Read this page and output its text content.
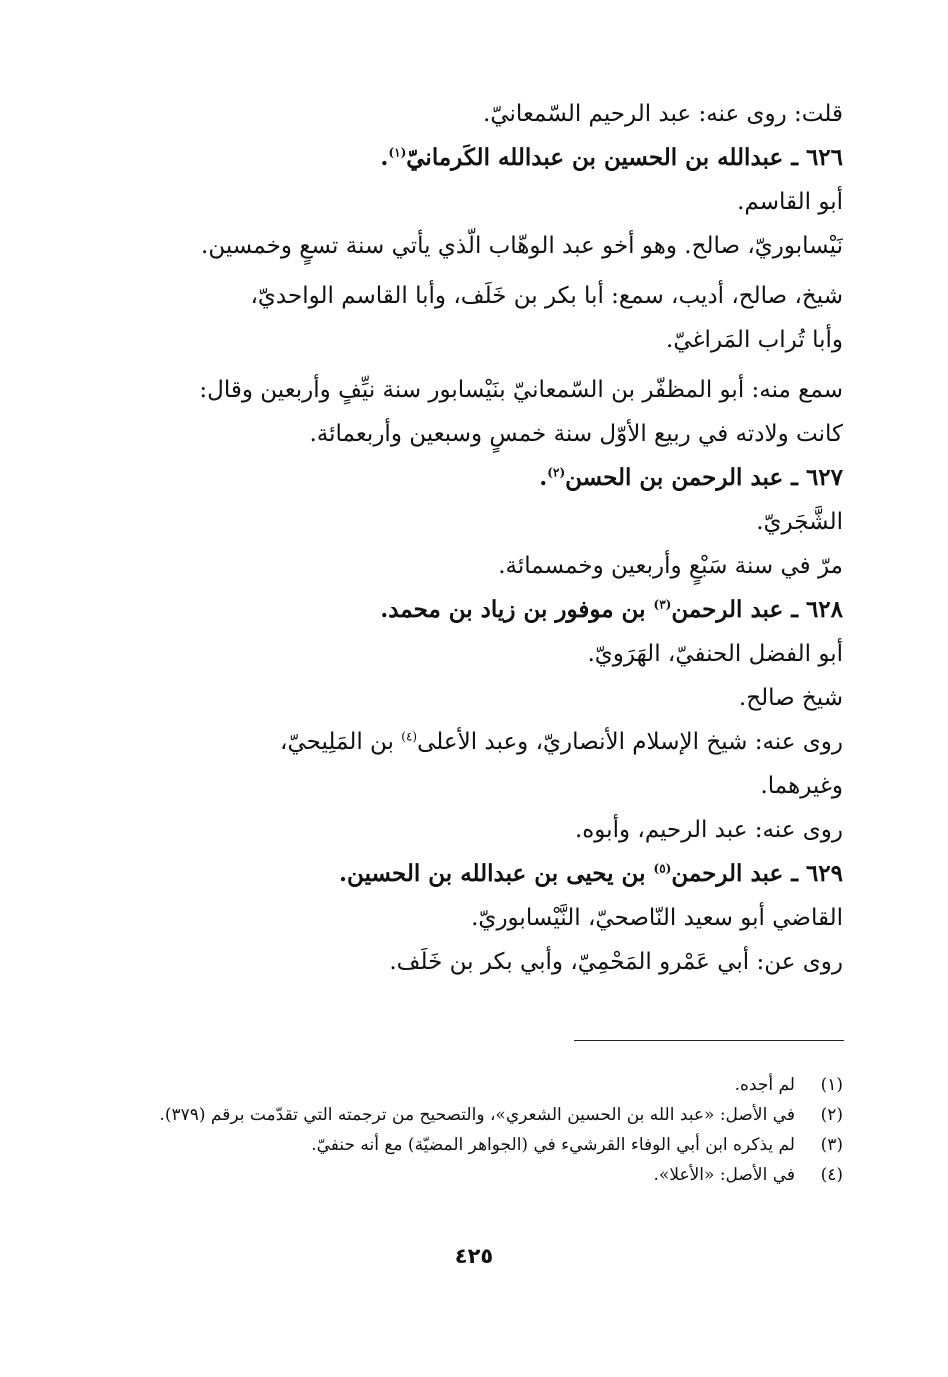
قلت: روى عنه: عبد الرحيم السّمعانيّ.
٦٢٦ ـ عبدالله بن الحسين بن عبدالله الكَرمانيّ$^{(١)}$.
أبو القاسم.
نَيْسابوريّ، صالح. وهو أخو عبد الوهّاب الّذي يأتي سنة تسعٍ وخمسين.
شيخ، صالح، أديب، سمع: أبا بكر بن خَلَف، وأبا القاسم الواحديّ،
وأبا تُراب المَراغيّ.
سمع منه: أبو المظفّر بن السّمعانيّ بنَيْسابور سنة نيِّفٍ وأربعين وقال:
كانت ولادته في ربيع الأوّل سنة خمسٍ وسبعين وأربعمائة.
٦٢٧ ـ عبد الرحمن بن الحسن$^{(٢)}$.
الشَّجَريّ.
مرّ في سنة سَبْعٍ وأربعين وخمسمائة.
٦٢٨ ـ عبد الرحمن$^{(٣)}$ بن موفور بن زياد بن محمد.
أبو الفضل الحنفيّ، الهَرَويّ.
شيخ صالح.
روى عنه: شيخ الإسلام الأنصاريّ، وعبد الأعلى$^{(٤)}$ بن المَلِيحيّ،
وغيرهما.
روى عنه: عبد الرحيم، وأبوه.
٦٢٩ ـ عبد الرحمن$^{(٥)}$ بن يحيى بن عبدالله بن الحسين.
القاضي أبو سعيد النّاصحيّ، النَّيْسابوريّ.
روى عن: أبي عَمْرو المَحْمِيّ، وأبي بكر بن خَلَف.
(١)
لم أجده.
(٢)
في الأصل: «عبد الله بن الحسين الشعري»، والتصحيح من ترجمته التي تقدّمت برقم (٣٧٩).
(٣)
لم يذكره ابن أبي الوفاء القرشيء في (الجواهر المضيّة) مع أنه حنفيّ.
(٤)
في الأصل: «الأعلا».
٤٢٥
